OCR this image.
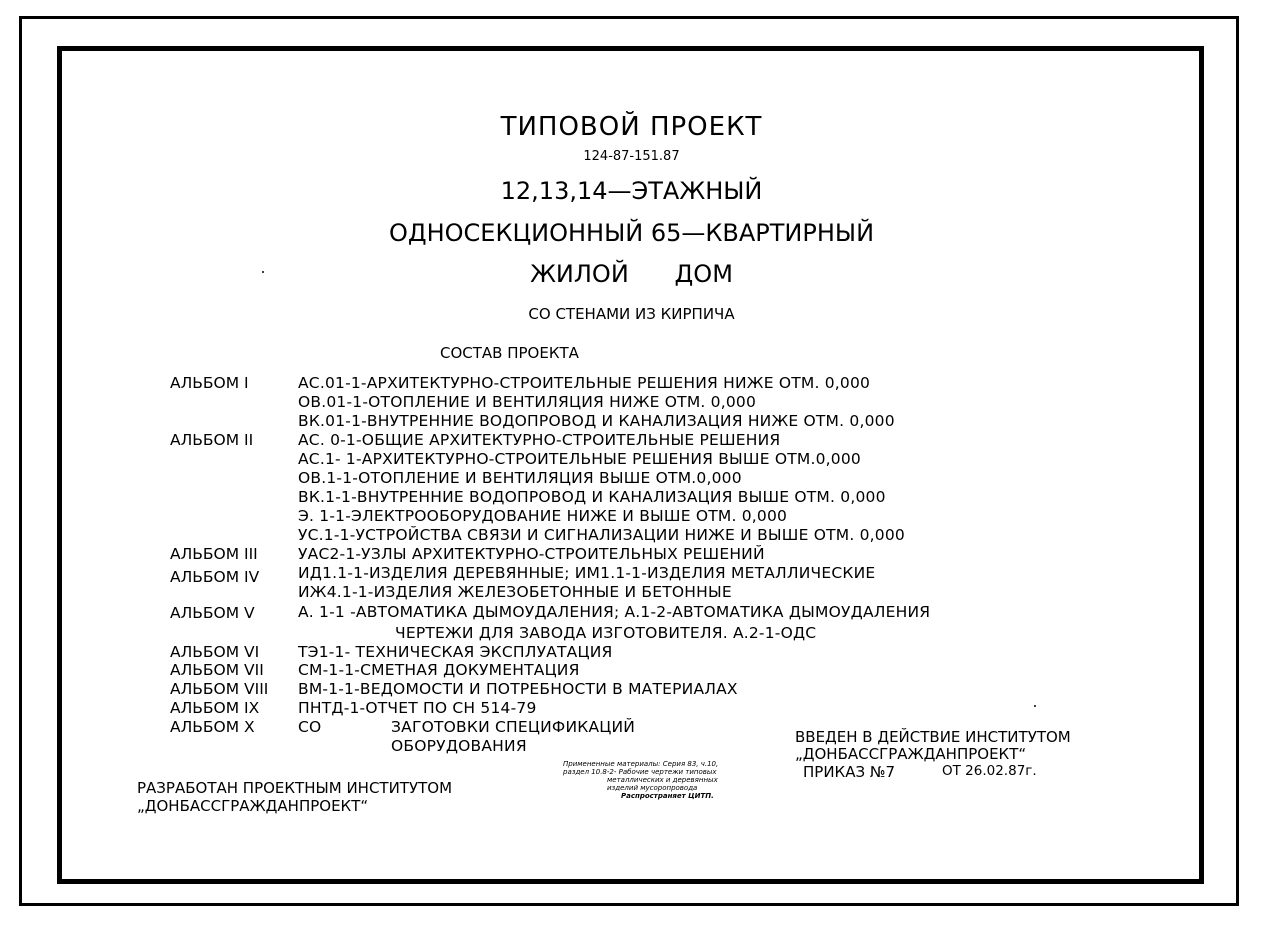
ТИПОВОЙ ПРОЕКТ
124-87-151.87
12,13,14—ЭТАЖНЫЙ
ОДНОСЕКЦИОННЫЙ 65—КВАРТИРНЫЙ
ЖИЛОЙ      ДОМ
СО СТЕНАМИ ИЗ КИРПИЧА
СОСТАВ ПРОЕКТА
АЛЬБОМ I
АЛЬБОМ II
АЛЬБОМ III
АЛЬБОМ IV
АЛЬБОМ V
АЛЬБОМ VI
АЛЬБОМ VII
АЛЬБОМ VIII
АЛЬБОМ IX
АЛЬБОМ X
АС.01-1-АРХИТЕКТУРНО-СТРОИТЕЛЬНЫЕ РЕШЕНИЯ НИЖЕ ОТМ. 0,000
ОВ.01-1-ОТОПЛЕНИЕ И ВЕНТИЛЯЦИЯ НИЖЕ ОТМ. 0,000
ВК.01-1-ВНУТРЕННИЕ ВОДОПРОВОД И КАНАЛИЗАЦИЯ НИЖЕ ОТМ. 0,000
АС. 0-1-ОБЩИЕ АРХИТЕКТУРНО-СТРОИТЕЛЬНЫЕ РЕШЕНИЯ
АС.1- 1-АРХИТЕКТУРНО-СТРОИТЕЛЬНЫЕ РЕШЕНИЯ ВЫШЕ ОТМ.0,000
ОВ.1-1-ОТОПЛЕНИЕ И ВЕНТИЛЯЦИЯ ВЫШЕ ОТМ.0,000
ВК.1-1-ВНУТРЕННИЕ ВОДОПРОВОД И КАНАЛИЗАЦИЯ ВЫШЕ ОТМ. 0,000
Э. 1-1-ЭЛЕКТРООБОРУДОВАНИЕ НИЖЕ И ВЫШЕ ОТМ. 0,000
УС.1-1-УСТРОЙСТВА СВЯЗИ И СИГНАЛИЗАЦИИ НИЖЕ И ВЫШЕ ОТМ. 0,000
УАС2-1-УЗЛЫ АРХИТЕКТУРНО-СТРОИТЕЛЬНЫХ РЕШЕНИЙ
ИД1.1-1-ИЗДЕЛИЯ ДЕРЕВЯННЫЕ; ИМ1.1-1-ИЗДЕЛИЯ МЕТАЛЛИЧЕСКИЕ
ИЖ4.1-1-ИЗДЕЛИЯ ЖЕЛЕЗОБЕТОННЫЕ И БЕТОННЫЕ
А. 1-1 -АВТОМАТИКА ДЫМОУДАЛЕНИЯ; А.1-2-АВТОМАТИКА ДЫМОУДАЛЕНИЯ
ЧЕРТЕЖИ ДЛЯ ЗАВОДА ИЗГОТОВИТЕЛЯ. А.2-1-ОДС
ТЭ1-1- ТЕХНИЧЕСКАЯ ЭКСПЛУАТАЦИЯ
СМ-1-1-СМЕТНАЯ ДОКУМЕНТАЦИЯ
ВМ-1-1-ВЕДОМОСТИ И ПОТРЕБНОСТИ В МАТЕРИАЛАХ
ПНТД-1-ОТЧЕТ ПО СН 514-79
СО	ЗАГОТОВКИ СПЕЦИФИКАЦИЙ
ОБОРУДОВАНИЯ
РАЗРАБОТАН ПРОЕКТНЫМ ИНСТИТУТОМ
„ДОНБАССГРАЖДАНПРОЕКТ“
Примененные материалы: Серия 83, ч.10,
раздел 10.8-2- Рабочие чертежи типовых
металлических и деревянных
изделий мусоропровода
Распространяет ЦИТП.
ВВЕДЕН В ДЕЙСТВИЕ ИНСТИТУТОМ
„ДОНБАССГРАЖДАНПРОЕКТ“
ПРИКАЗ №7	ОТ 26.02.87г.
